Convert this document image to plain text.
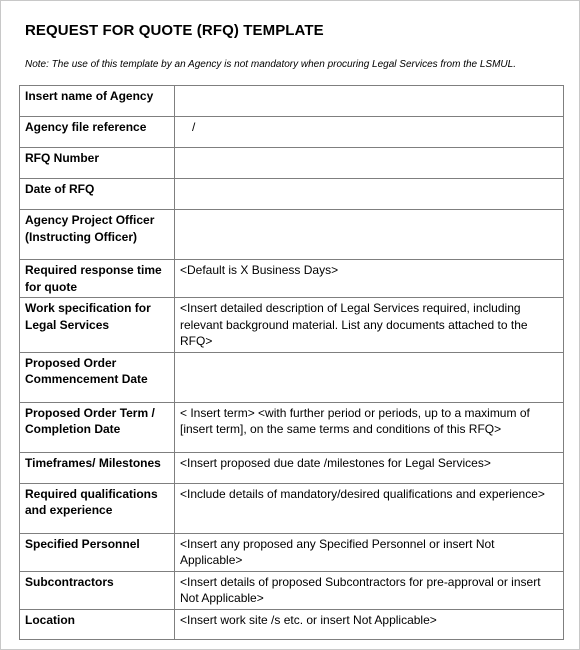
REQUEST FOR QUOTE (RFQ) TEMPLATE
Note: The use of this template by an Agency is not mandatory when procuring Legal Services from the LSMUL.
Insert name of Agency	

Agency file reference	/

RFQ Number	

Date of RFQ	

Agency Project Officer (Instructing Officer)	

Required response time for quote	<Default is X Business Days>

Work specification for Legal Services	<Insert detailed description of Legal Services required, including relevant background material. List any documents attached to the RFQ>

Proposed Order Commencement Date	

Proposed Order Term / Completion Date	< Insert term> <with further period or periods, up to a maximum of [insert term], on the same terms and conditions of this RFQ>

Timeframes/ Milestones	<Insert proposed due date /milestones for Legal Services>

Required qualifications and experience	<Include details of mandatory/desired qualifications and experience>

Specified Personnel	<Insert any proposed any Specified Personnel or insert Not Applicable>

Subcontractors	<Insert details of proposed Subcontractors for pre-approval or insert Not Applicable>

Location	<Insert work site /s etc. or insert Not Applicable>
